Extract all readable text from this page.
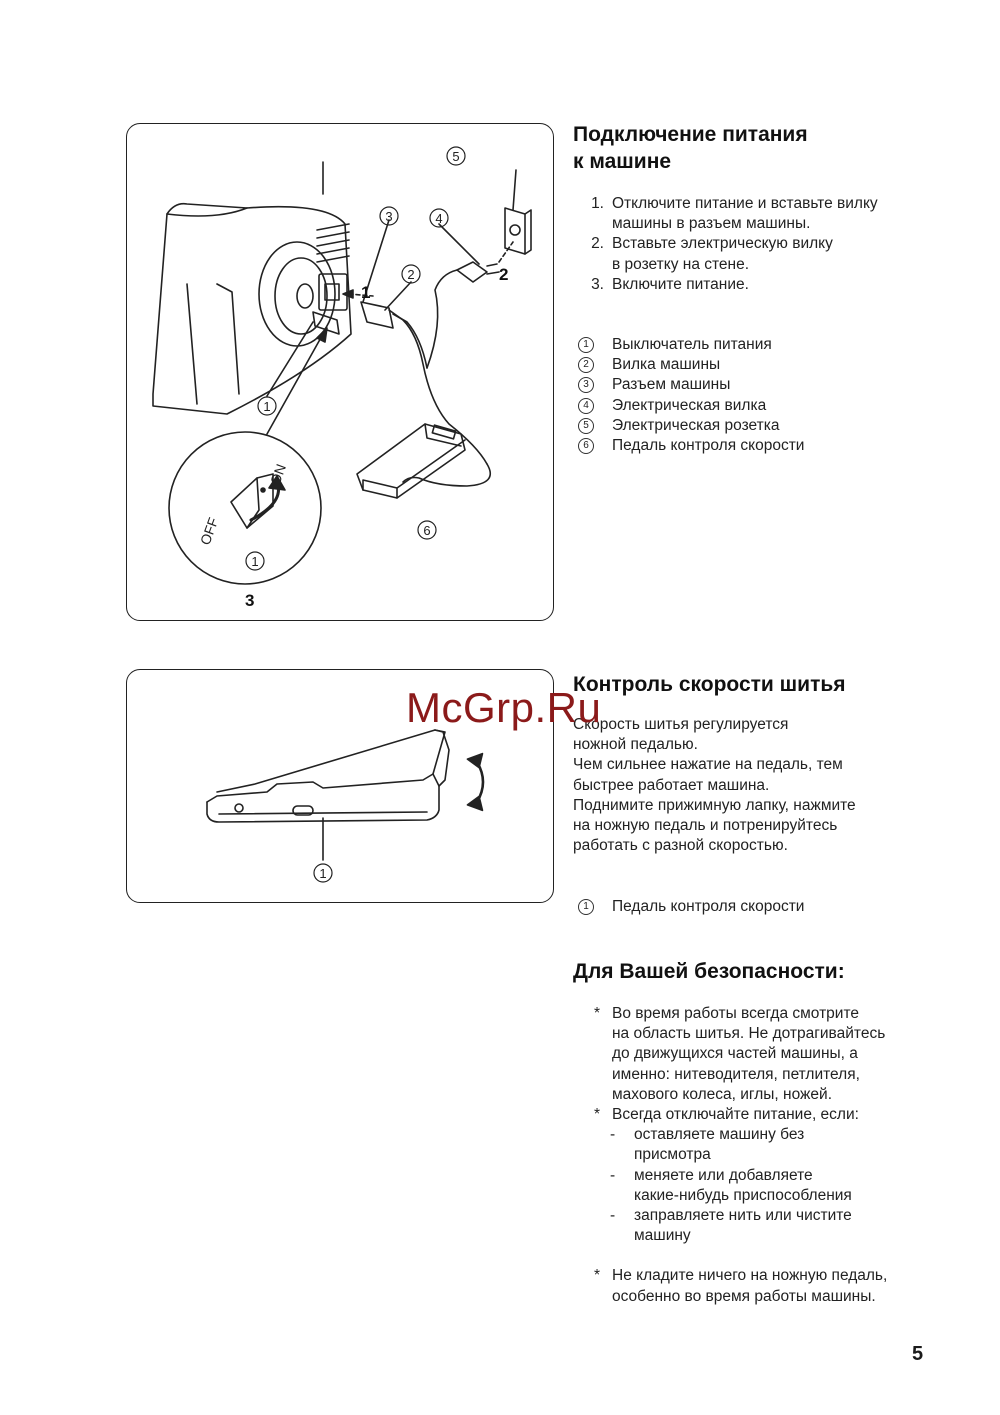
5
3	4
2
1
6
1
1
2
3
OFF
ON
Подключение питания
к машине
1. Отключите питание и вставьте вилку
машины в разъем машины.
2. Вставьте электрическую вилку
в розетку на стене.
3. Включите питание.
1	Выключатель питания
2	Вилка машины
3	Разъем машины
4	Электрическая вилка
5	Электрическая розетка
6	Педаль контроля скорости
1
Контроль скорости шитья
Скорость шитья регулируется
ножной педалью.
Чем сильнее нажатие на педаль, тем
быстрее работает машина.
Поднимите прижимную лапку, нажмите
на ножную педаль и потренируйтесь
работать с разной скоростью.
1	Педаль контроля скорости
Для Вашей безопасности:
* Во время работы всегда смотрите
на область шитья. Не дотрагивайтесь
до движущихся частей машины, а
именно: нитеводителя, петлителя,
махового колеса, иглы, ножей.
* Всегда отключайте питание, если:
- оставляете машину без
присмотра
- меняете или добавляете
какие-нибудь приспособления
- заправляете нить или чистите
машину
* Не кладите ничего на ножную педаль,
особенно во время работы машины.
McGrp.Ru
5
